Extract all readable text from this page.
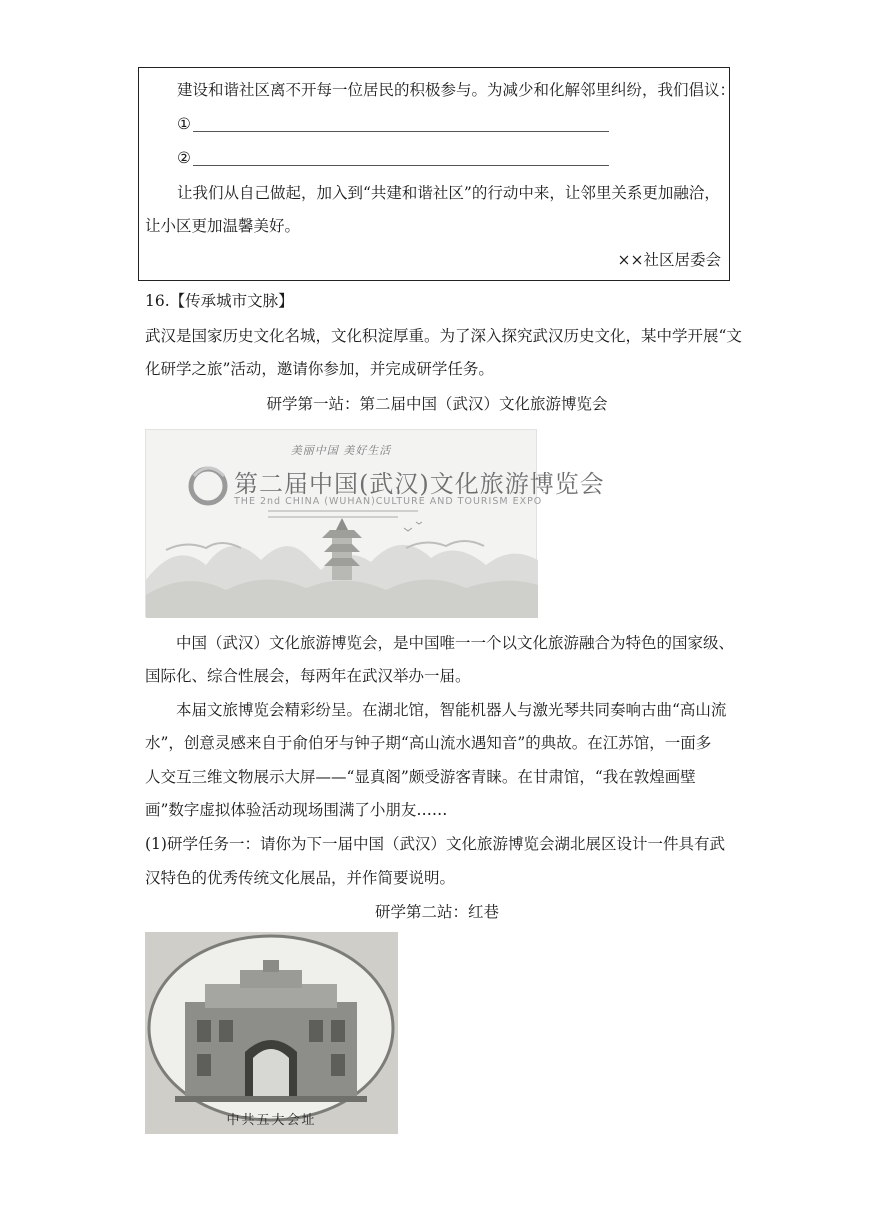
建设和谐社区离不开每一位居民的积极参与。为减少和化解邻里纠纷，我们倡议：
①
②
让我们从自己做起，加入到“共建和谐社区”的行动中来，让邻里关系更加融洽，
让小区更加温馨美好。
××社区居委会
16.【传承城市文脉】
武汉是国家历史文化名城，文化积淀厚重。为了深入探究武汉历史文化，某中学开展“文
化研学之旅”活动，邀请你参加，并完成研学任务。
研学第一站：第二届中国（武汉）文化旅游博览会
美丽中国 美好生活
第二届中国(武汉)文化旅游博览会
THE 2nd CHINA (WUHAN)CULTURE AND TOURISM EXPO
中国（武汉）文化旅游博览会，是中国唯一一个以文化旅游融合为特色的国家级、
国际化、综合性展会，每两年在武汉举办一届。
本届文旅博览会精彩纷呈。在湖北馆，智能机器人与激光琴共同奏响古曲“高山流
水”，创意灵感来自于俞伯牙与钟子期“高山流水遇知音”的典故。在江苏馆，一面多
人交互三维文物展示大屏——“显真阁”颇受游客青睐。在甘肃馆，“我在敦煌画壁
画”数字虚拟体验活动现场围满了小朋友……
(1)研学任务一：请你为下一届中国（武汉）文化旅游博览会湖北展区设计一件具有武
汉特色的优秀传统文化展品，并作简要说明。
研学第二站：红巷
中共五大会址
